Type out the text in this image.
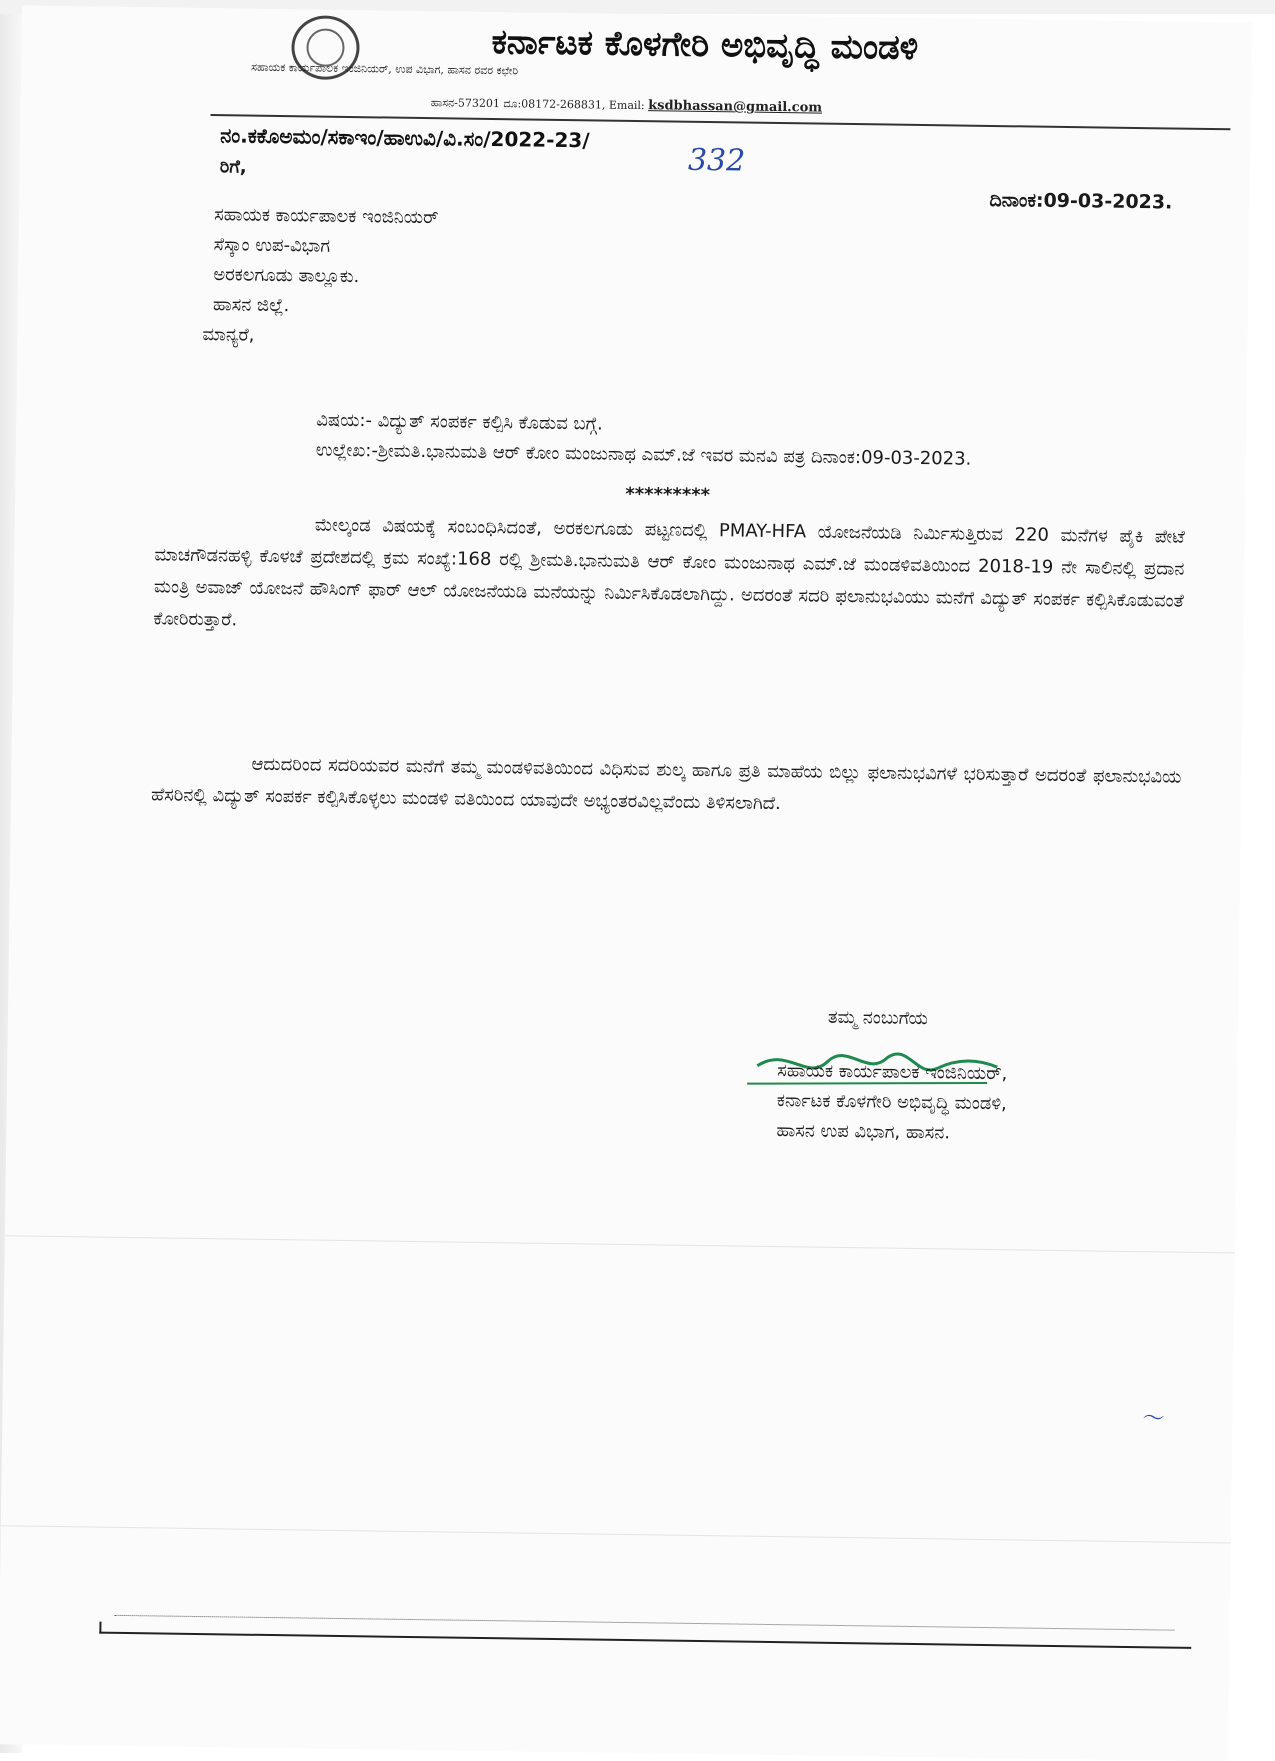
ಕರ್ನಾಟಕ ಕೊಳಗೇರಿ ಅಭಿವೃದ್ಧಿ ಮಂಡಳಿ
ಸಹಾಯಕ ಕಾರ್ಯಪಾಲಕ ಇಂಜಿನಿಯರ್, ಉಪ ವಿಭಾಗ, ಹಾಸನ ರವರ ಕಛೇರಿ
ಹಾಸನ-573201 ದೂ:08172-268831, Email: ksdbhassan@gmail.com
ನಂ.ಕಕೊಅಮಂ/ಸಕಾಇಂ/ಹಾಉವಿ/ವಿ.ಸಂ/2022-23/
332
ರಿಗೆ,
ದಿನಾಂಕ:09-03-2023.
ಸಹಾಯಕ ಕಾರ್ಯಪಾಲಕ ಇಂಜಿನಿಯರ್
ಸೆಸ್ಕಾಂ ಉಪ-ವಿಭಾಗ
ಅರಕಲಗೂಡು ತಾಲ್ಲೂಕು.
ಹಾಸನ ಜಿಲ್ಲೆ.
ಮಾನ್ಯರೆ,
ವಿಷಯ:- ವಿದ್ಯುತ್ ಸಂಪರ್ಕ ಕಲ್ಪಿಸಿ ಕೊಡುವ ಬಗ್ಗೆ.
ಉಲ್ಲೇಖ:-ಶ್ರೀಮತಿ.ಭಾನುಮತಿ ಆರ್ ಕೋಂ ಮಂಜುನಾಥ ಎಮ್.ಜೆ ಇವರ ಮನವಿ ಪತ್ರ ದಿನಾಂಕ:09-03-2023.
*********
ಮೇಲ್ಕಂಡ ವಿಷಯಕ್ಕೆ ಸಂಬಂಧಿಸಿದಂತೆ, ಅರಕಲಗೂಡು ಪಟ್ಟಣದಲ್ಲಿ PMAY-HFA ಯೋಜನೆಯಡಿ ನಿರ್ಮಿಸುತ್ತಿರುವ 220 ಮನೆಗಳ ಪೈಕಿ ಪೇಟೆ ಮಾಚಗೌಡನಹಳ್ಳಿ ಕೊಳಚೆ ಪ್ರದೇಶದಲ್ಲಿ ಕ್ರಮ ಸಂಖ್ಯೆ:168 ರಲ್ಲಿ ಶ್ರೀಮತಿ.ಭಾನುಮತಿ ಆರ್ ಕೋಂ ಮಂಜುನಾಥ ಎಮ್.ಜೆ ಮಂಡಳಿವತಿಯಿಂದ 2018-19 ನೇ ಸಾಲಿನಲ್ಲಿ ಪ್ರದಾನ ಮಂತ್ರಿ ಅವಾಜ್ ಯೋಜನೆ ಹೌಸಿಂಗ್ ಫಾರ್ ಆಲ್ ಯೋಜನೆಯಡಿ ಮನೆಯನ್ನು ನಿರ್ಮಿಸಿಕೊಡಲಾಗಿದ್ದು. ಅದರಂತೆ ಸದರಿ ಫಲಾನುಭವಿಯು ಮನೆಗೆ ವಿದ್ಯುತ್ ಸಂಪರ್ಕ ಕಲ್ಪಿಸಿಕೊಡುವಂತೆ ಕೋರಿರುತ್ತಾರೆ.
ಆದುದರಿಂದ ಸದರಿಯವರ ಮನೆಗೆ ತಮ್ಮ ಮಂಡಳಿವತಿಯಿಂದ ವಿಧಿಸುವ ಶುಲ್ಕ ಹಾಗೂ ಪ್ರತಿ ಮಾಹೆಯ ಬಿಲ್ಲು ಫಲಾನುಭವಿಗಳೆ ಭರಿಸುತ್ತಾರೆ ಅದರಂತೆ ಫಲಾನುಭವಿಯ ಹೆಸರಿನಲ್ಲಿ ವಿದ್ಯುತ್ ಸಂಪರ್ಕ ಕಲ್ಪಿಸಿಕೊಳ್ಳಲು ಮಂಡಳಿ ವತಿಯಿಂದ ಯಾವುದೇ ಅಭ್ಯಂತರವಿಲ್ಲವೆಂದು ತಿಳಿಸಲಾಗಿದೆ.
ತಮ್ಮ ನಂಬುಗೆಯ
ಸಹಾಯಕ ಕಾರ್ಯಪಾಲಕ ಇಂಜಿನಿಯರ್,
ಕರ್ನಾಟಕ ಕೊಳಗೇರಿ ಅಭಿವೃದ್ಧಿ ಮಂಡಳಿ,
ಹಾಸನ ಉಪ ವಿಭಾಗ, ಹಾಸನ.
〜
